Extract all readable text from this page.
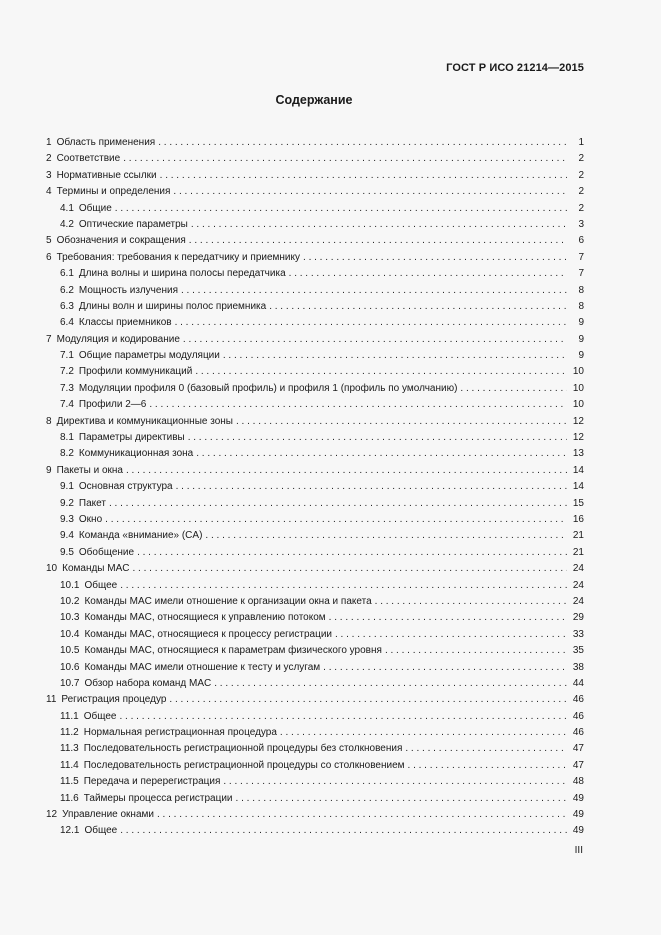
ГОСТ Р ИСО 21214—2015
Содержание
1 Область применения . . .	1
2 Соответствие . . .	2
3 Нормативные ссылки . . .	2
4 Термины и определения . . .	2
4.1 Общие . . .	2
4.2 Оптические параметры . . .	3
5 Обозначения и сокращения . . .	6
6 Требования: требования к передатчику и приемнику . . .	7
6.1 Длина волны и ширина полосы передатчика . . .	7
6.2 Мощность излучения . . .	8
6.3 Длины волн и ширины полос приемника . . .	8
6.4 Классы приемников . . .	9
7 Модуляция и кодирование . . .	9
7.1 Общие параметры модуляции . . .	9
7.2 Профили коммуникаций . . .	10
7.3 Модуляции профиля 0 (базовый профиль) и профиля 1 (профиль по умолчанию) . . .	10
7.4 Профили 2—6 . . .	10
8 Директива и коммуникационные зоны . . .	12
8.1 Параметры директивы . . .	12
8.2 Коммуникационная зона . . .	13
9 Пакеты и окна . . .	14
9.1 Основная структура . . .	14
9.2 Пакет . . .	15
9.3 Окно . . .	16
9.4 Команда «внимание» (CA) . . .	21
9.5 Обобщение . . .	21
10 Команды MAC . . .	24
10.1 Общее . . .	24
10.2 Команды MAC имели отношение к организации окна и пакета . . .	24
10.3 Команды MAC, относящиеся к управлению потоком . . .	29
10.4 Команды MAC, относящиеся к процессу регистрации . . .	33
10.5 Команды MAC, относящиеся к параметрам физического уровня . . .	35
10.6 Команды MAC имели отношение к тесту и услугам . . .	38
10.7 Обзор набора команд MAC . . .	44
11 Регистрация процедур . . .	46
11.1 Общее . . .	46
11.2 Нормальная регистрационная процедура . . .	46
11.3 Последовательность регистрационной процедуры без столкновения . . .	47
11.4 Последовательность регистрационной процедуры со столкновением . . .	47
11.5 Передача и перерегистрация . . .	48
11.6 Таймеры процесса регистрации . . .	49
12 Управление окнами . . .	49
12.1 Общее . . .	49
III
